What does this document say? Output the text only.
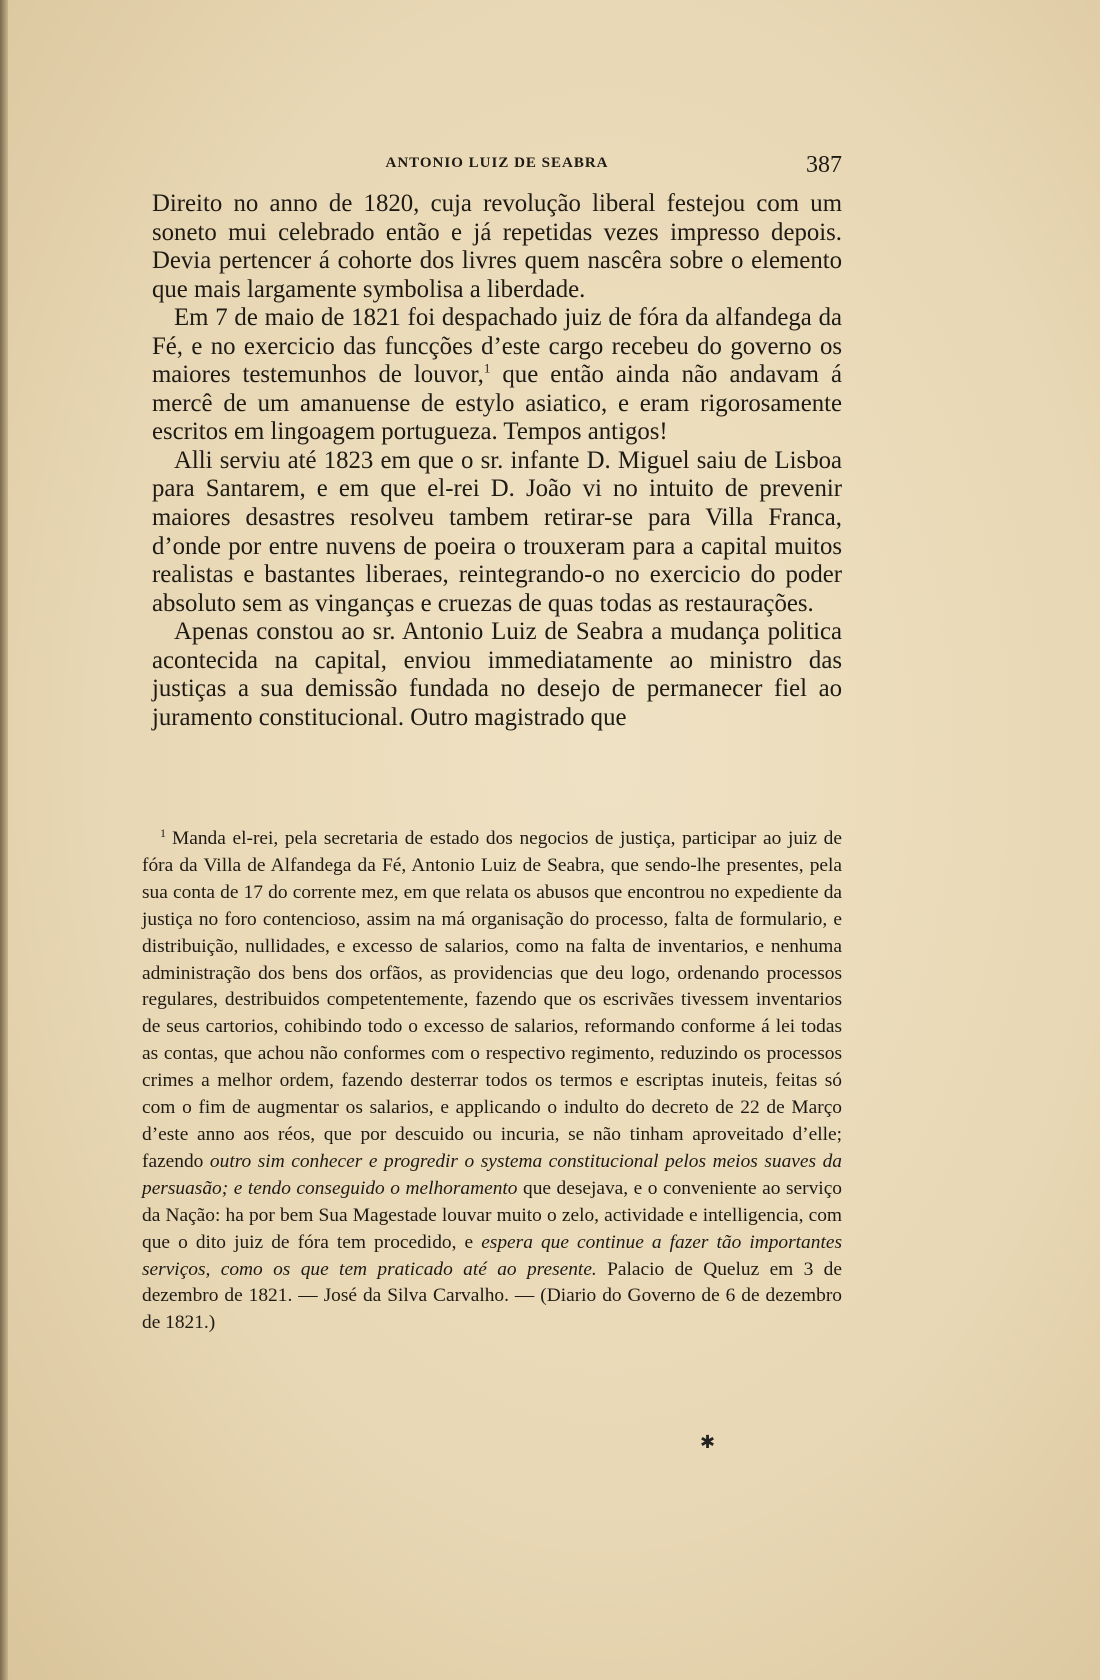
ANTONIO LUIZ DE SEABRA	387

Direito no anno de 1820, cuja revolução liberal festejou com um soneto mui celebrado então e já repetidas vezes impresso depois. Devia pertencer á cohorte dos livres quem nascêra sobre o elemento que mais largamente symbolisa a liberdade.

Em 7 de maio de 1821 foi despachado juiz de fóra da alfandega da Fé, e no exercicio das funcções d’este cargo recebeu do governo os maiores testemunhos de louvor,$^1$ que então ainda não andavam á mercê de um amanuense de estylo asiatico, e eram rigorosamente escritos em lingoagem portugueza. Tempos antigos!

Alli serviu até 1823 em que o sr. infante D. Miguel saiu de Lisboa para Santarem, e em que el-rei D. João vi no intuito de prevenir maiores desastres resolveu tambem retirar-se para Villa Franca, d’onde por entre nuvens de poeira o trouxeram para a capital muitos realistas e bastantes liberaes, reintegrando-o no exercicio do poder absoluto sem as vinganças e cruezas de quas todas as restaurações.

Apenas constou ao sr. Antonio Luiz de Seabra a mudança politica acontecida na capital, enviou immediatamente ao ministro das justiças a sua demissão fundada no desejo de permanecer fiel ao juramento constitucional. Outro magistrado que

$^1$ Manda el-rei, pela secretaria de estado dos negocios de justiça, participar ao juiz de fóra da Villa de Alfandega da Fé, Antonio Luiz de Seabra, que sendo-lhe presentes, pela sua conta de 17 do corrente mez, em que relata os abusos que encontrou no expediente da justiça no foro contencioso, assim na má organisação do processo, falta de formulario, e distribuição, nullidades, e excesso de salarios, como na falta de inventarios, e nenhuma administração dos bens dos orfãos, as providencias que deu logo, ordenando processos regulares, destribuidos competentemente, fazendo que os escrivães tivessem inventarios de seus cartorios, cohibindo todo o excesso de salarios, reformando conforme á lei todas as contas, que achou não conformes com o respectivo regimento, reduzindo os processos crimes a melhor ordem, fazendo desterrar todos os termos e escriptas inuteis, feitas só com o fim de augmentar os salarios, e applicando o indulto do decreto de 22 de Março d’este anno aos réos, que por descuido ou incuria, se não tinham aproveitado d’elle; fazendo outro sim conhecer e progredir o systema constitucional pelos meios suaves da persuasão; e tendo conseguido o melhoramento que desejava, e o conveniente ao serviço da Nação: ha por bem Sua Magestade louvar muito o zelo, actividade e intelligencia, com que o dito juiz de fóra tem procedido, e espera que continue a fazer tão importantes serviços, como os que tem praticado até ao presente. Palacio de Queluz em 3 de dezembro de 1821. — José da Silva Carvalho. — (Diario do Governo de 6 de dezembro de 1821.)

✱
